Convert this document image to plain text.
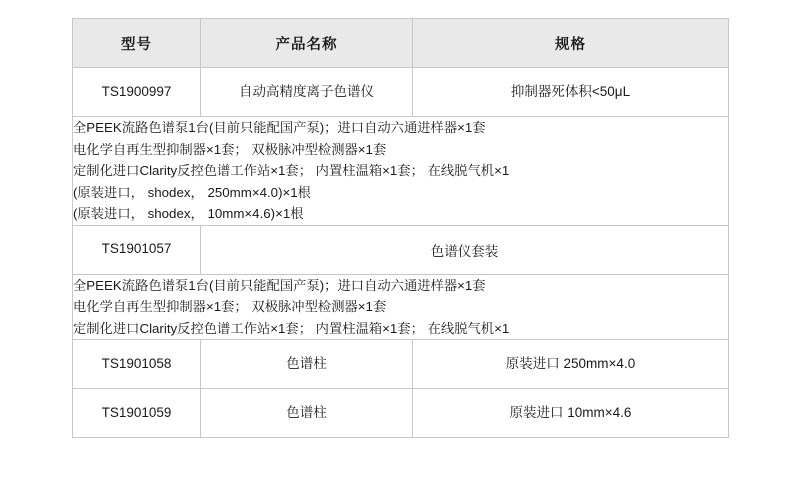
型号	产品名称	规格
TS1900997	自动高精度离子色谱仪	抑制器死体积<50μL

全PEEK流路色谱泵1台(目前只能配国产泵)；进口自动六通进样器×1套
电化学自再生型抑制器×1套； 双极脉冲型检测器×1套
定制化进口Clarity反控色谱工作站×1套； 内置柱温箱×1套； 在线脱气机×1
(原装进口， shodex， 250mm×4.0)×1根
(原装进口， shodex， 10mm×4.6)×1根		

TS1901057	色谱仪套装	

全PEEK流路色谱泵1台(目前只能配国产泵)；进口自动六通进样器×1套
电化学自再生型抑制器×1套； 双极脉冲型检测器×1套
定制化进口Clarity反控色谱工作站×1套； 内置柱温箱×1套； 在线脱气机×1		

TS1901058	色谱柱	原装进口 250mm×4.0
TS1901059	色谱柱	原装进口 10mm×4.6
